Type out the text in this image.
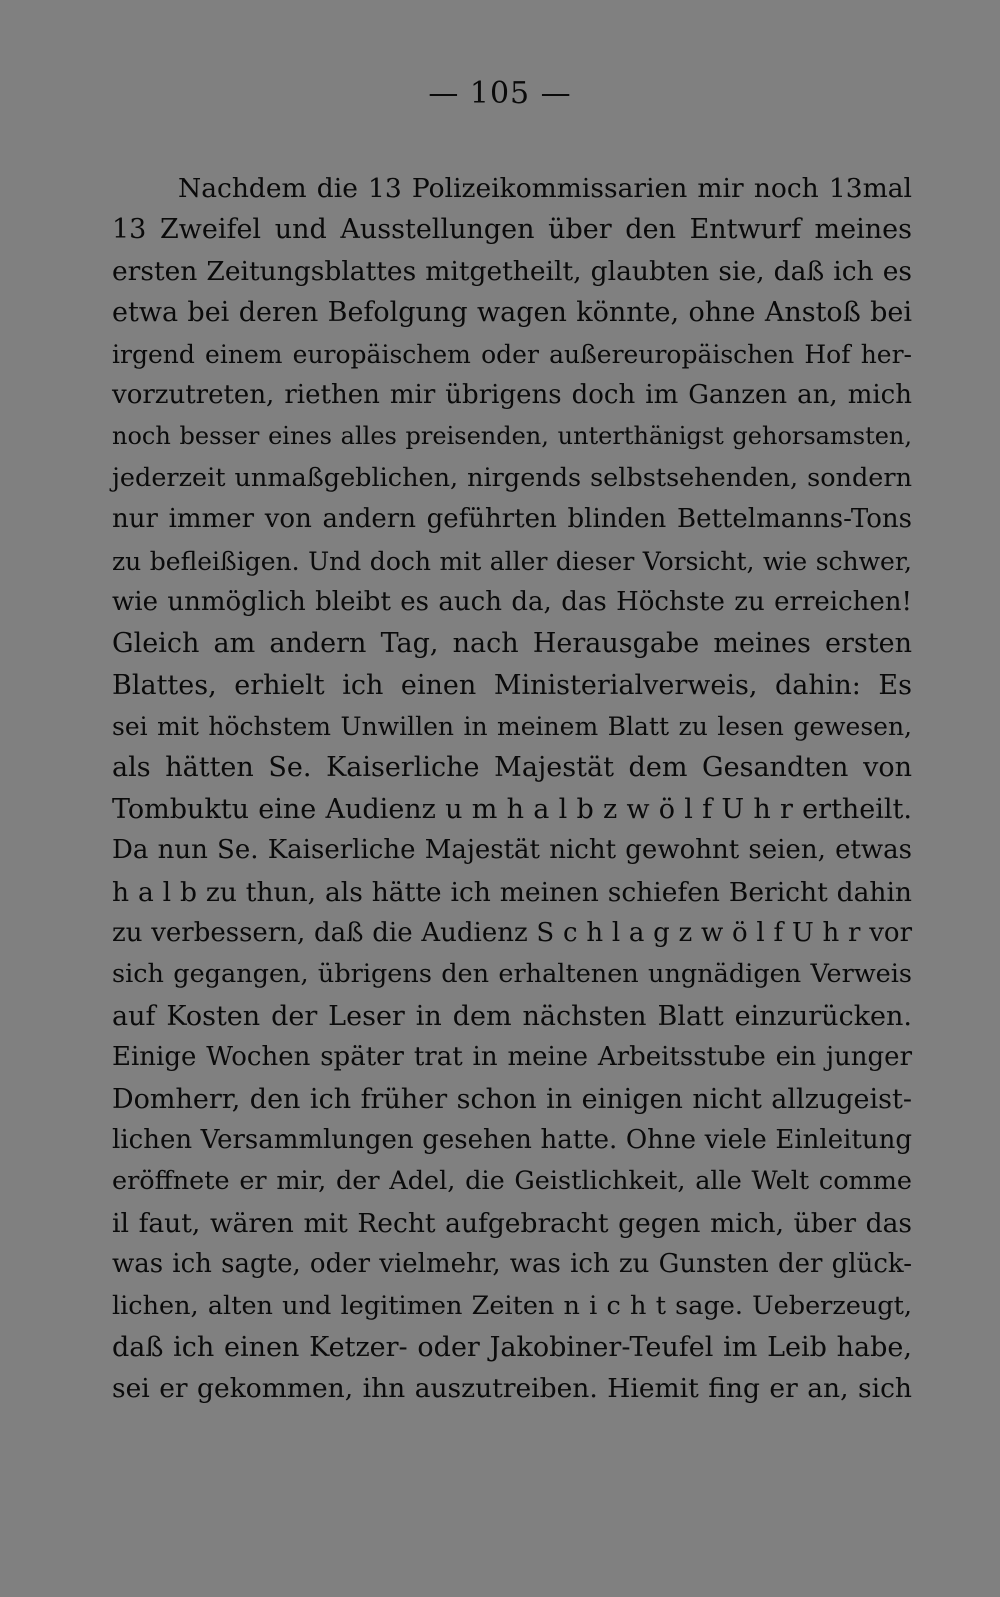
— 105 —
Nachdem die 13 Polizeikommissarien mir noch 13mal
13 Zweifel und Ausstellungen über den Entwurf meines
ersten Zeitungsblattes mitgetheilt, glaubten sie, daß ich es
etwa bei deren Befolgung wagen könnte, ohne Anstoß bei
irgend einem europäischem oder außereuropäischen Hof her-
vorzutreten, riethen mir übrigens doch im Ganzen an, mich
noch besser eines alles preisenden, unterthänigst gehorsamsten,
jederzeit unmaßgeblichen, nirgends selbstsehenden, sondern
nur immer von andern geführten blinden Bettelmanns-Tons
zu befleißigen. Und doch mit aller dieser Vorsicht, wie schwer,
wie unmöglich bleibt es auch da, das Höchste zu erreichen!
Gleich am andern Tag, nach Herausgabe meines ersten
Blattes, erhielt ich einen Ministerialverweis, dahin: Es
sei mit höchstem Unwillen in meinem Blatt zu lesen gewesen,
als hätten Se. Kaiserliche Majestät dem Gesandten von
Tombuktu eine Audienz u m h a l b z w ö l f U h r ertheilt.
Da nun Se. Kaiserliche Majestät nicht gewohnt seien, etwas
h a l b zu thun, als hätte ich meinen schiefen Bericht dahin
zu verbessern, daß die Audienz S c h l a g z w ö l f U h r vor
sich gegangen, übrigens den erhaltenen ungnädigen Verweis
auf Kosten der Leser in dem nächsten Blatt einzurücken.
Einige Wochen später trat in meine Arbeitsstube ein junger
Domherr, den ich früher schon in einigen nicht allzugeist-
lichen Versammlungen gesehen hatte. Ohne viele Einleitung
eröffnete er mir, der Adel, die Geistlichkeit, alle Welt comme
il faut, wären mit Recht aufgebracht gegen mich, über das
was ich sagte, oder vielmehr, was ich zu Gunsten der glück-
lichen, alten und legitimen Zeiten n i c h t sage. Ueberzeugt,
daß ich einen Ketzer- oder Jakobiner-Teufel im Leib habe,
sei er gekommen, ihn auszutreiben. Hiemit fing er an, sich
